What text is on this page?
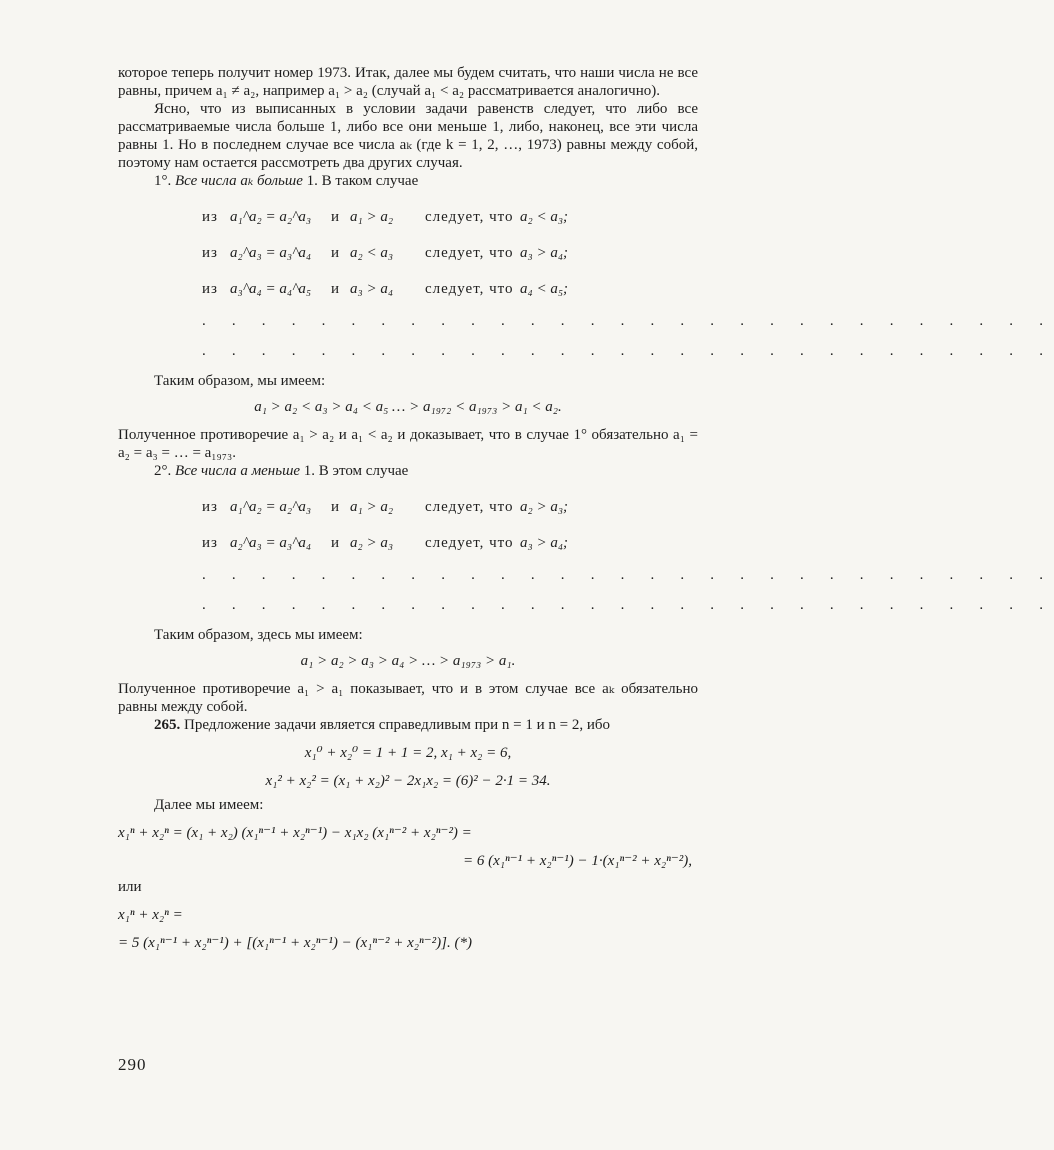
которое теперь получит номер 1973. Итак, далее мы будем считать, что наши числа не все равны, причем a₁ ≠ a₂, например a₁ > a₂ (случай a₁ < a₂ рассматривается аналогично).

Ясно, что из выписанных в условии задачи равенств следует, что либо все рассматриваемые числа больше 1, либо все они меньше 1, либо, наконец, все эти числа равны 1. Но в последнем случае все числа aₖ (где k = 1, 2, …, 1973) равны между собой, поэтому нам остается рассмотреть два других случая.

1°. Все числа aₖ больше 1. В таком случае

из a₁^a₂ = a₂^a₃	и a₁ > a₂	следует, что a₂ < a₃;
из a₂^a₃ = a₃^a₄	и a₂ < a₃	следует, что a₃ > a₄;
из a₃^a₄ = a₄^a₅	и a₃ > a₄	следует, что a₄ < a₅;
. . . . . . . . . . . . . . . . . . . . . . . . . . . . .
. . . . . . . . . . . . . . . . . . . . . . . . . . . . .

Таким образом, мы имеем:

a₁ > a₂ < a₃ > a₄ < a₅ … > a₁₉₇₂ < a₁₉₇₃ > a₁ < a₂.

Полученное противоречие a₁ > a₂ и a₁ < a₂ и доказывает, что в случае 1° обязательно a₁ = a₂ = a₃ = … = a₁₉₇₃.

2°. Все числа a меньше 1. В этом случае

из a₁^a₂ = a₂^a₃	и a₁ > a₂	следует, что a₂ > a₃;
из a₂^a₃ = a₃^a₄	и a₂ > a₃	следует, что a₃ > a₄;
. . . . . . . . . . . . . . . . . . . . . . . . . . . . .
. . . . . . . . . . . . . . . . . . . . . . . . . . . . .

Таким образом, здесь мы имеем:

a₁ > a₂ > a₃ > a₄ > … > a₁₉₇₃ > a₁.

Полученное противоречие a₁ > a₁ показывает, что и в этом случае все aₖ обязательно равны между собой.

265. Предложение задачи является справедливым при n = 1 и n = 2, ибо

x₁⁰ + x₂⁰ = 1 + 1 = 2, x₁ + x₂ = 6,
x₁² + x₂² = (x₁ + x₂)² − 2x₁x₂ = (6)² − 2·1 = 34.

Далее мы имеем:

x₁ⁿ + x₂ⁿ = (x₁ + x₂) (x₁ⁿ⁻¹ + x₂ⁿ⁻¹) − x₁x₂ (x₁ⁿ⁻² + x₂ⁿ⁻²) =
= 6 (x₁ⁿ⁻¹ + x₂ⁿ⁻¹) − 1·(x₁ⁿ⁻² + x₂ⁿ⁻²),

или

x₁ⁿ + x₂ⁿ =
= 5 (x₁ⁿ⁻¹ + x₂ⁿ⁻¹) + [(x₁ⁿ⁻¹ + x₂ⁿ⁻¹) − (x₁ⁿ⁻² + x₂ⁿ⁻²)]. (*)
290
